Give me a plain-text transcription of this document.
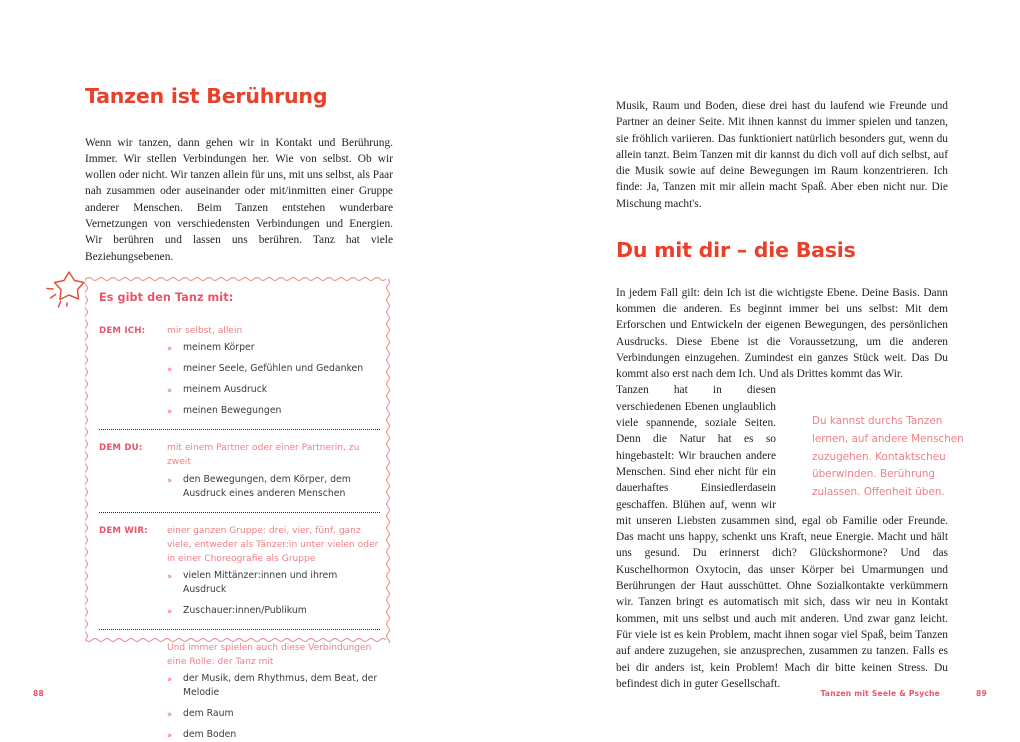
Tanzen ist Berührung

Wenn wir tanzen, dann gehen wir in Kontakt und Berührung. Immer. Wir stellen Verbindungen her. Wie von selbst. Ob wir wollen oder nicht. Wir tanzen allein für uns, mit uns selbst, als Paar nah zusammen oder auseinander oder mit/inmitten einer Gruppe anderer Menschen. Beim Tanzen entstehen wunderbare Vernetzungen von verschiedensten Verbindungen und Energien. Wir berühren und lassen uns berühren. Tanz hat viele Beziehungsebenen.

Es gibt den Tanz mit:
DEM ICH:	mir selbst, allein
»	meinem Körper
»	meiner Seele, Gefühlen und Gedanken
»	meinem Ausdruck
»	meinen Bewegungen
DEM DU:	mit einem Partner oder einer Partnerin, zu zweit
»	den Bewegungen, dem Körper, dem Ausdruck eines anderen Menschen
DEM WIR:	einer ganzen Gruppe: drei, vier, fünf, ganz viele, entweder als Tänzer:in unter vielen oder in einer Choreografie als Gruppe
»	vielen Mittänzer:innen und ihrem Ausdruck
»	Zuschauer:innen/Publikum
Und immer spielen auch diese Verbindungen eine Rolle: der Tanz mit
»	der Musik, dem Rhythmus, dem Beat, der Melodie
»	dem Raum
»	dem Boden

Musik, Raum und Boden, diese drei hast du laufend wie Freunde und Partner an deiner Seite. Mit ihnen kannst du immer spielen und tanzen, sie fröhlich variieren. Das funktioniert natürlich besonders gut, wenn du allein tanzt. Beim Tanzen mit dir kannst du dich voll auf dich selbst, auf die Musik sowie auf deine Bewegungen im Raum konzentrieren. Ich finde: Ja, Tanzen mit mir allein macht Spaß. Aber eben nicht nur. Die Mischung macht's.

Du mit dir – die Basis

In jedem Fall gilt: dein Ich ist die wichtigste Ebene. Deine Basis. Dann kommen die anderen. Es beginnt immer bei uns selbst: Mit dem Erforschen und Entwickeln der eigenen Bewegungen, des persönlichen Ausdrucks. Diese Ebene ist die Voraussetzung, um die anderen Verbindungen einzugehen. Zumindest ein ganzes Stück weit. Das Du kommt also erst nach dem Ich. Und als Drittes kommt das Wir.

Tanzen hat in diesen verschiedenen Ebenen unglaublich viele spannende, soziale Seiten. Denn die Natur hat es so hingebastelt: Wir brauchen andere Menschen. Sind eher nicht für ein dauerhaftes Einsiedlerdasein geschaffen. Blühen auf, wenn wir mit unseren Liebsten zusammen sind, egal ob Familie oder Freunde. Das macht uns happy, schenkt uns Kraft, neue Energie. Macht und hält uns gesund. Du erinnerst dich? Glückshormone? Und das Kuschelhormon Oxytocin, das unser Körper bei Umarmungen und Berührungen der Haut ausschüttet. Ohne Sozialkontakte verkümmern wir. Tanzen bringt es automatisch mit sich, dass wir neu in Kontakt kommen, mit uns selbst und auch mit anderen. Und zwar ganz leicht. Für viele ist es kein Problem, macht ihnen sogar viel Spaß, beim Tanzen auf andere zuzugehen, sie anzusprechen, zusammen zu tanzen. Falls es bei dir anders ist, kein Problem! Mach dir bitte keinen Stress. Du befindest dich in guter Gesellschaft.

Du kannst durchs Tanzen lernen, auf andere Menschen zuzugehen. Kontaktscheu überwinden. Berührung zulassen. Offenheit üben.
88	Tanzen mit Seele & Psyche	89
